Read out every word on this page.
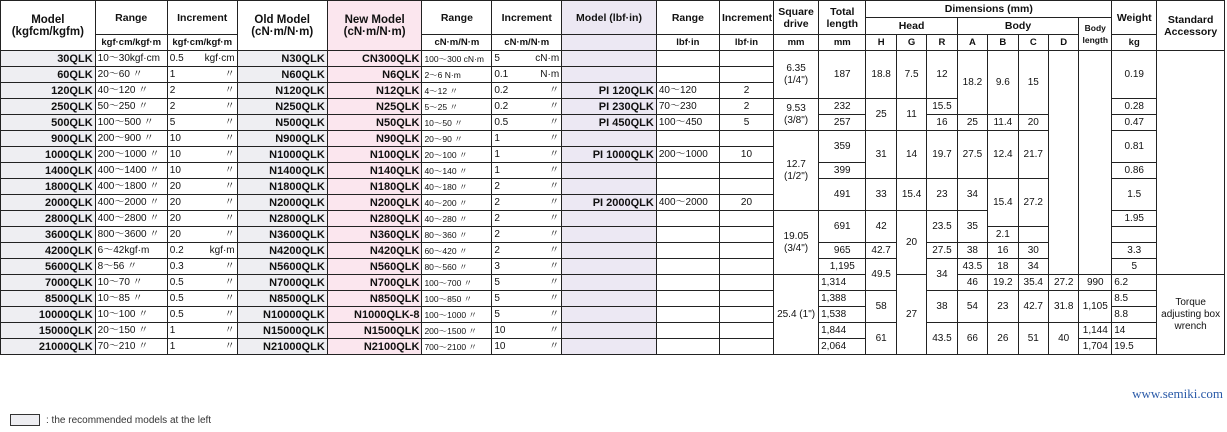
Model (kgfcm/kgfm)	Range	Increment	Old Model (cN·m/N·m)	New Model (cN·m/N·m)	Range	Increment	Model (lbf·in)	Range	Increment	Square drive	Total length	Dimensions (mm)								Weight	Standard Accessory
												Head			Body				Body length		
	kgf·cm/kgf·m	kgf·cm/kgf·m			cN·m/N·m	cN·m/N·m		lbf·in	lbf·in	mm	mm	H	G	R	A	B	C	D		kg	
30QLK	10～30kgf·cm	0.5 kgf·cm	N30QLK	CN300QLK	100～300 cN·m	5 cN·m				6.35 (1/4")	187	18.8	7.5	12	18.2	9.6	15			0.19	
60QLK	20～60 〃	1 〃	N60QLK	N6QLK	2～6 N·m	0.1 N·m															

120QLK	40～120 〃	2 〃	N120QLK	N12QLK	4～12 〃	0.2 〃	PI 120QLK	40～120	2												
250QLK	50～250 〃	2 〃	N250QLK	N25QLK	5～25 〃	0.2 〃	PI 230QLK	70～230	2	9.53 (3/8")	232	25	11	15.5						0.28	
500QLK	100～500 〃	5 〃	N500QLK	N50QLK	10～50 〃	0.5 〃	PI 450QLK	100～450	5		257			16	25	11.4	20			0.47	
900QLK	200～900 〃	10 〃	N900QLK	N90QLK	20～90 〃	1 〃				12.7 (1/2")	359	31	14	19.7	27.5	12.4	21.7			0.81	
1000QLK	200～1000 〃	10 〃	N1000QLK	N100QLK	20～100 〃	1 〃	PI 1000QLK	200～1000	10												
1400QLK	400～1400 〃	10 〃	N1400QLK	N140QLK	40～140 〃	1 〃					399									0.86	
1800QLK	400～1800 〃	20 〃	N1800QLK	N180QLK	40～180 〃	2 〃					491	33	15.4	23	34	15.4	27.2			1.5	
2000QLK	400～2000 〃	20 〃	N2000QLK	N200QLK	40～200 〃	2 〃	PI 2000QLK	400～2000	20												
2800QLK	400～2800 〃	20 〃	N2800QLK	N280QLK	40～280 〃	2 〃				19.05 (3/4")	691	42	20	23.5	35					1.95	
3600QLK	800～3600 〃	20 〃	N3600QLK	N360QLK	80～360 〃	2 〃										2.1					
4200QLK	6～42kgf·m	0.2 kgf·m	N4200QLK	N420QLK	60～420 〃	2 〃					965	42.7		27.5	38	16	30			3.3	
5600QLK	8～56 〃	0.3 〃	N5600QLK	N560QLK	80～560 〃	3 〃					1,195	49.5		34	43.5	18	34			5	
7000QLK	10～70 〃	0.5 〃	N7000QLK	N700QLK	100～700 〃	5 〃				25.4 (1")	1,314		27		46	19.2	35.4	27.2	990	6.2	Torque adjusting box wrench
8500QLK	10～85 〃	0.5 〃	N8500QLK	N850QLK	100～850 〃	5 〃					1,388	58		38	54	23	42.7	31.8	1,105	8.5	
10000QLK	10～100 〃	0.5 〃	N10000QLK	N1000QLK-8	100～1000 〃	5 〃					1,538									8.8	
15000QLK	20～150 〃	1 〃	N15000QLK	N1500QLK	200～1500 〃	10 〃					1,844	61		43.5	66	26	51	40	1,144	14	
21000QLK	70～210 〃	1 〃	N21000QLK	N2100QLK	700～2100 〃	10 〃					2,064								1,704	19.5	
www.semiki.com
: the recommended models at the left
